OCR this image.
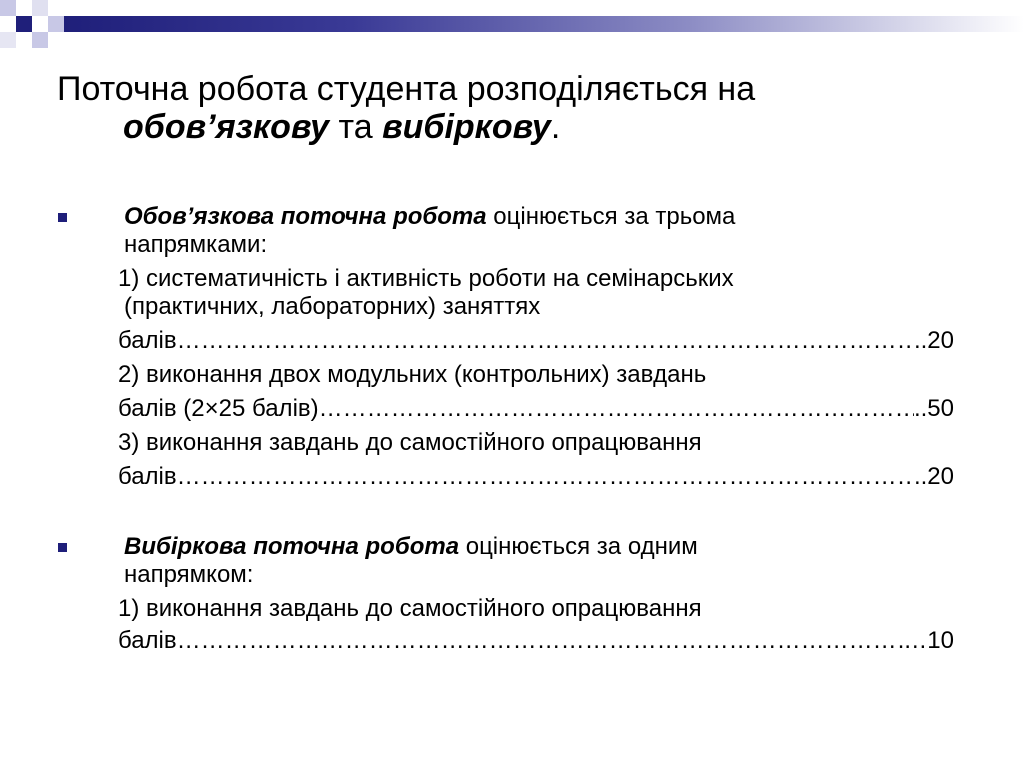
Поточна робота студента розподіляється на
обов’язкову та вибіркову.
Обов’язкова поточна робота оцінюється за трьома
напрямками:
1) систематичність і активність роботи на семінарських
(практичних, лабораторних) заняттях
балів ……………………………………………………………………………………………………	..20
2) виконання двох модульних (контрольних) завдань
балів (2×25 балів) ……………………………………………………………………………………………………	..50
3) виконання завдань до самостійного опрацювання
балів ……………………………………………………………………………………………………	..20
Вибіркова поточна робота оцінюється за одним
напрямком:
1) виконання завдань до самостійного опрацювання
балів ……………………………………………………………………………………………………	…10
